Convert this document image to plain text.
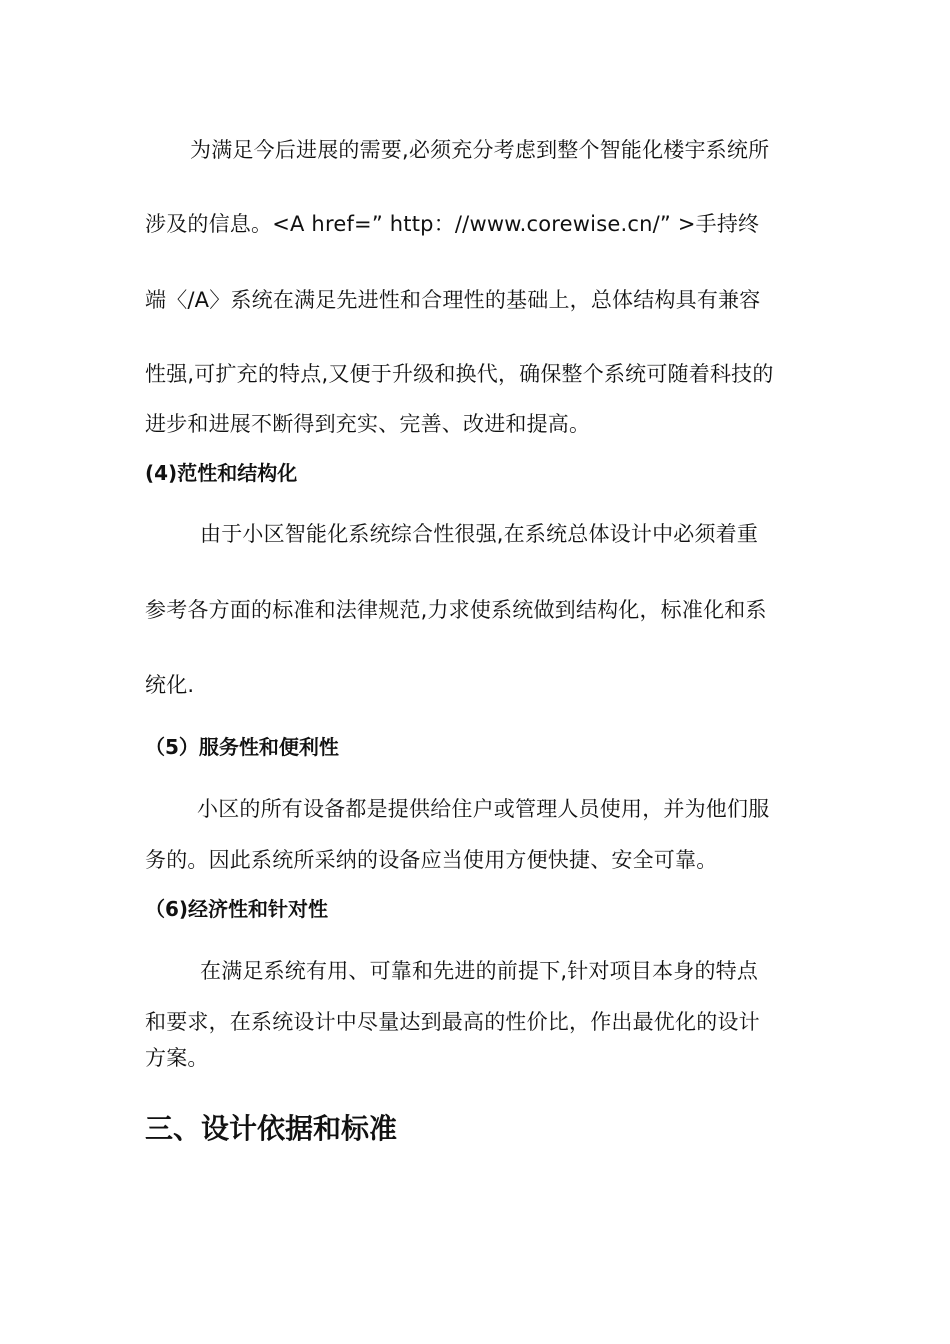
为满足今后进展的需要,必须充分考虑到整个智能化楼宇系统所
涉及的信息。<A href=” http：//www.corewise.cn/” >手持终
端〈/A〉系统在满足先进性和合理性的基础上，总体结构具有兼容
性强,可扩充的特点,又便于升级和换代，确保整个系统可随着科技的
进步和进展不断得到充实、完善、改进和提高。
(4)范性和结构化
由于小区智能化系统综合性很强,在系统总体设计中必须着重
参考各方面的标准和法律规范,力求使系统做到结构化，标准化和系
统化.
（5）服务性和便利性
小区的所有设备都是提供给住户或管理人员使用，并为他们服
务的。因此系统所采纳的设备应当使用方便快捷、安全可靠。
（6)经济性和针对性
在满足系统有用、可靠和先进的前提下,针对项目本身的特点
和要求，在系统设计中尽量达到最高的性价比，作出最优化的设计
方案。
三、设计依据和标准
